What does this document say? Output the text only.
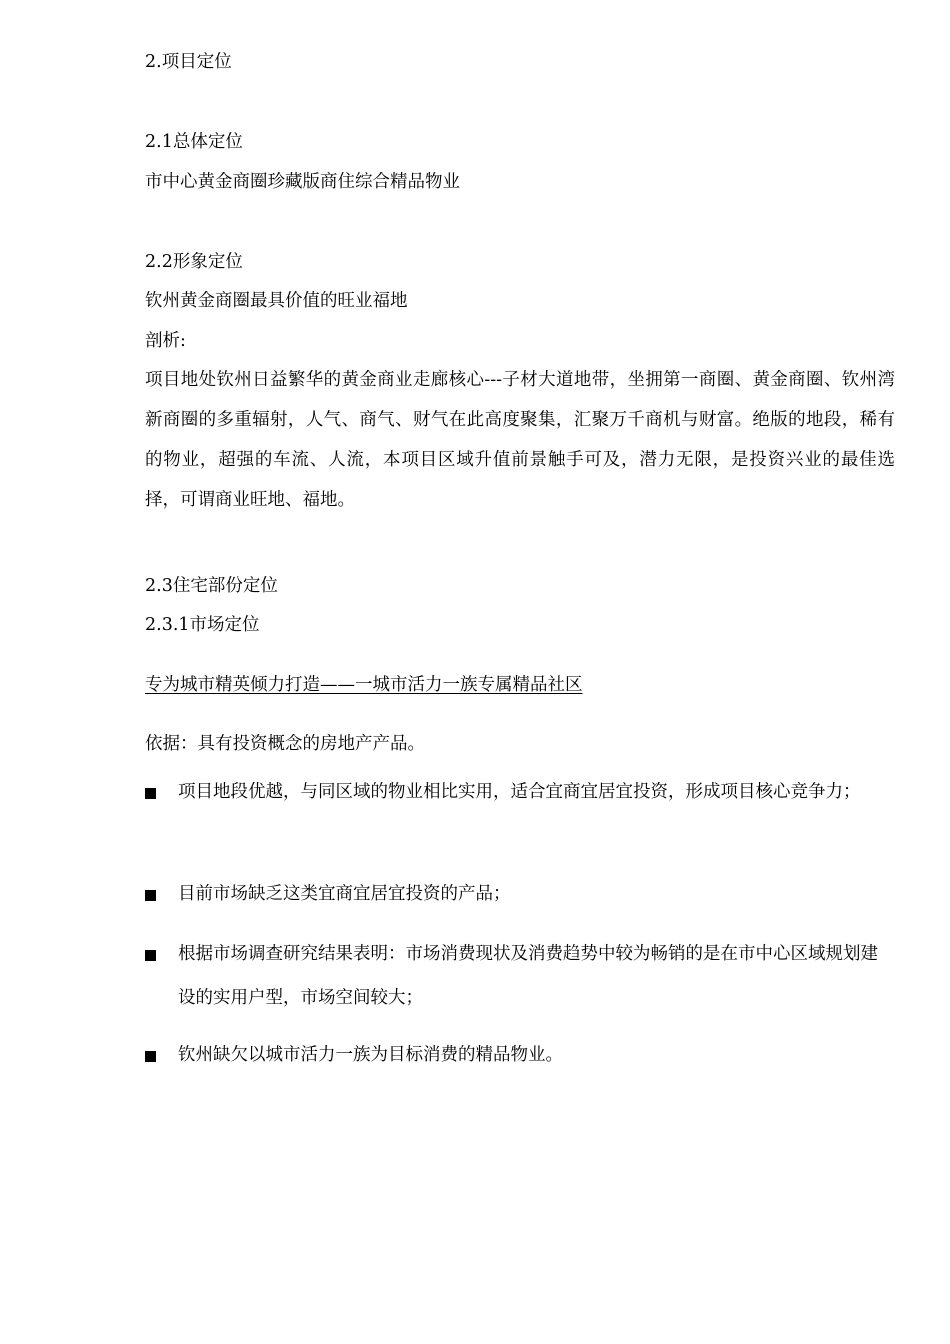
2.项目定位

2.1总体定位

市中心黄金商圈珍藏版商住综合精品物业

2.2形象定位

钦州黄金商圈最具价值的旺业福地

剖析:

项目地处钦州日益繁华的黄金商业走廊核心---子材大道地带，坐拥第一商圈、黄金商圈、钦州湾新商圈的多重辐射，人气、商气、财气在此高度聚集，汇聚万千商机与财富。绝版的地段，稀有的物业，超强的车流、人流，本项目区域升值前景触手可及，潜力无限，是投资兴业的最佳选择，可谓商业旺地、福地。

2.3住宅部份定位

2.3.1市场定位

专为城市精英倾力打造——一城市活力一族专属精品社区

依据：具有投资概念的房地产产品。

项目地段优越，与同区域的物业相比实用，适合宜商宜居宜投资，形成项目核心竞争力；
目前市场缺乏这类宜商宜居宜投资的产品；
根据市场调查研究结果表明：市场消费现状及消费趋势中较为畅销的是在市中心区域规划建设的实用户型，市场空间较大；
钦州缺欠以城市活力一族为目标消费的精品物业。
